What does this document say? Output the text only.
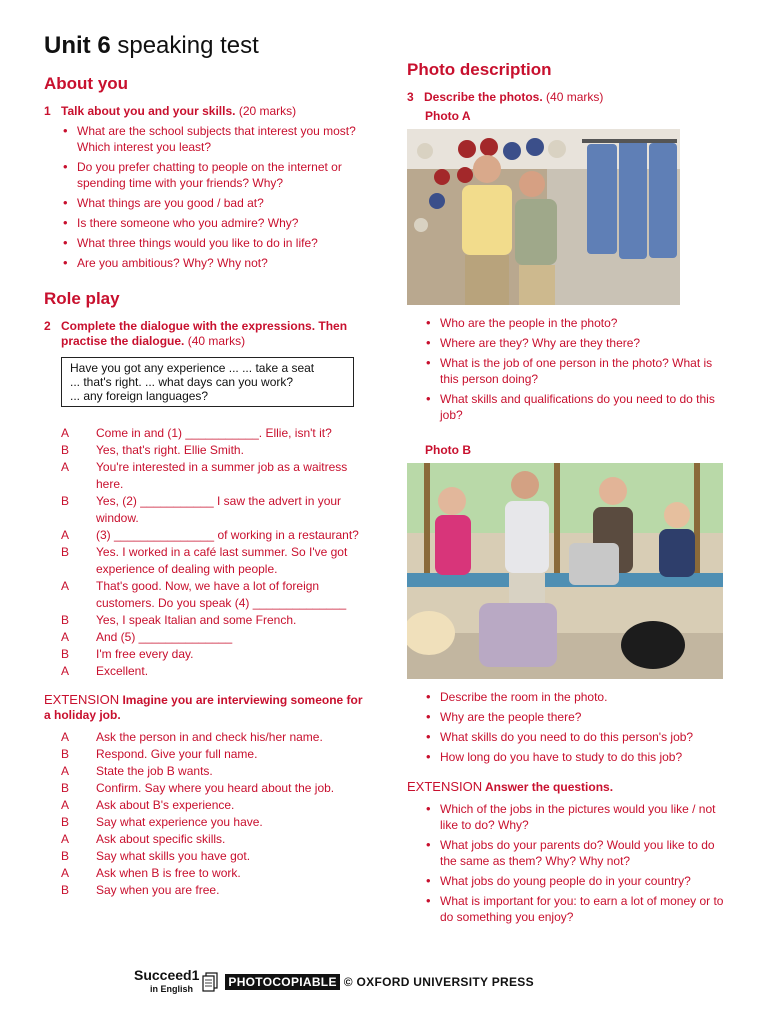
Unit 6 speaking test
About you
1 Talk about you and your skills. (20 marks)
• What are the school subjects that interest you most? Which interest you least?
• Do you prefer chatting to people on the internet or spending time with your friends? Why?
• What things are you good / bad at?
• Is there someone who you admire? Why?
• What three things would you like to do in life?
• Are you ambitious? Why? Why not?
Role play
2 Complete the dialogue with the expressions. Then practise the dialogue. (40 marks)
Have you got any experience ... ... take a seat
... that's right. ... what days can you work?
... any foreign languages?
A	Come in and (1) ___________. Ellie, isn't it?
B	Yes, that's right. Ellie Smith.
A	You're interested in a summer job as a waitress here.
B	Yes, (2) ___________ I saw the advert in your window.
A	(3) _______________ of working in a restaurant?
B	Yes. I worked in a café last summer. So I've got experience of dealing with people.
A	That's good. Now, we have a lot of foreign customers. Do you speak (4) ______________
B	Yes, I speak Italian and some French.
A	And (5) ______________
B	I'm free every day.
A	Excellent.
EXTENSION Imagine you are interviewing someone for a holiday job.
A	Ask the person in and check his/her name.
B	Respond. Give your full name.
A	State the job B wants.
B	Confirm. Say where you heard about the job.
A	Ask about B's experience.
B	Say what experience you have.
A	Ask about specific skills.
B	Say what skills you have got.
A	Ask when B is free to work.
B	Say when you are free.
Photo description
3 Describe the photos. (40 marks)
Photo A
• Who are the people in the photo?
• Where are they? Why are they there?
• What is the job of one person in the photo? What is this person doing?
• What skills and qualifications do you need to do this job?
Photo B
• Describe the room in the photo.
• Why are the people there?
• What skills do you need to do this person's job?
• How long do you have to study to do this job?
EXTENSION Answer the questions.
• Which of the jobs in the pictures would you like / not like to do? Why?
• What jobs do your parents do? Would you like to do the same as them? Why? Why not?
• What jobs do young people do in your country?
• What is important for you: to earn a lot of money or to do something you enjoy?
Succeed1
in English	PHOTOCOPIABLE © OXFORD UNIVERSITY PRESS
